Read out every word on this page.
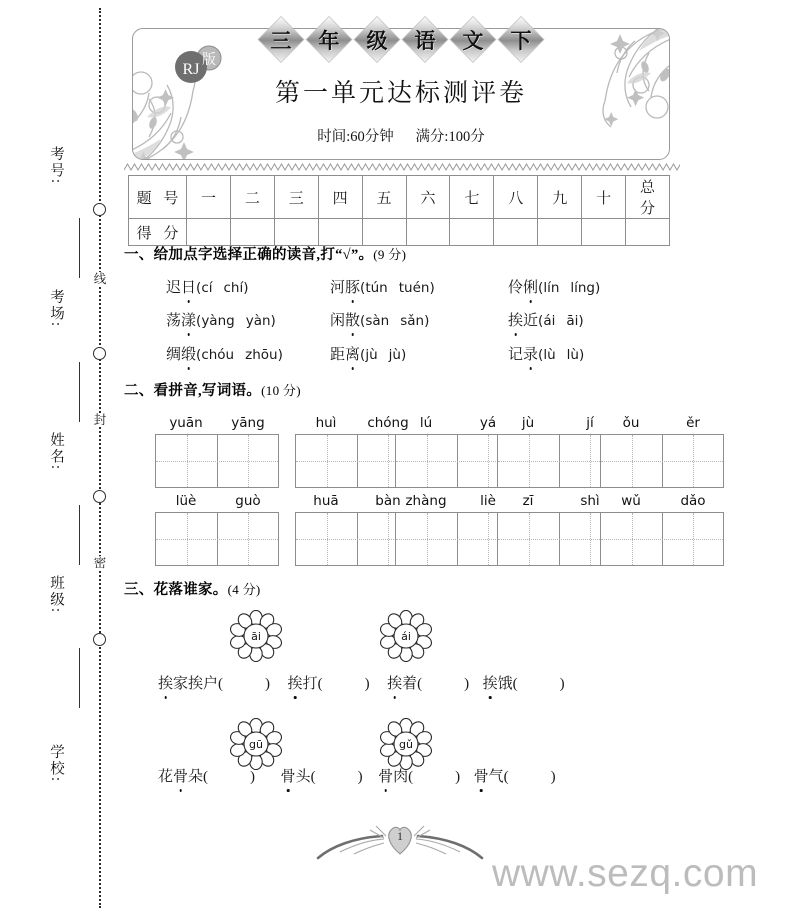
线
封
密
考号:
考场:
姓名:
班级:
学校:
RJ
版
第一单元达标测评卷
时间:60分钟 满分:100分
三	年	级	语	文	下
题 号	一	二	三	四	五	六	七	八	九	十	总 分
得 分											
一、给加点字选择正确的读音,打“√”。(9 分)
迟日(cí chí)	河豚(tún tuén)	伶俐(lín líng)
荡漾(yàng yàn)	闲散(sàn sǎn)	挨近(ái āi)
绸缎(chóu zhōu)	距离(jù jù)	记录(lù lù)
二、看拼音,写词语。(10 分)
yuān	yāng	huì	chóng lú	yá	jù	jí	ǒu	ěr
lüè	guò	huā	bàn zhàng	liè	zī	shì	wǔ	dǎo
三、花落谁家。(4 分)
āi	ái
挨家挨户(	) 挨打(	) 挨着(	) 挨饿(	)
gū	gǔ
花骨朵(	) 骨头(	) 骨肉(	) 骨气(	)
1
www.sezq.com
